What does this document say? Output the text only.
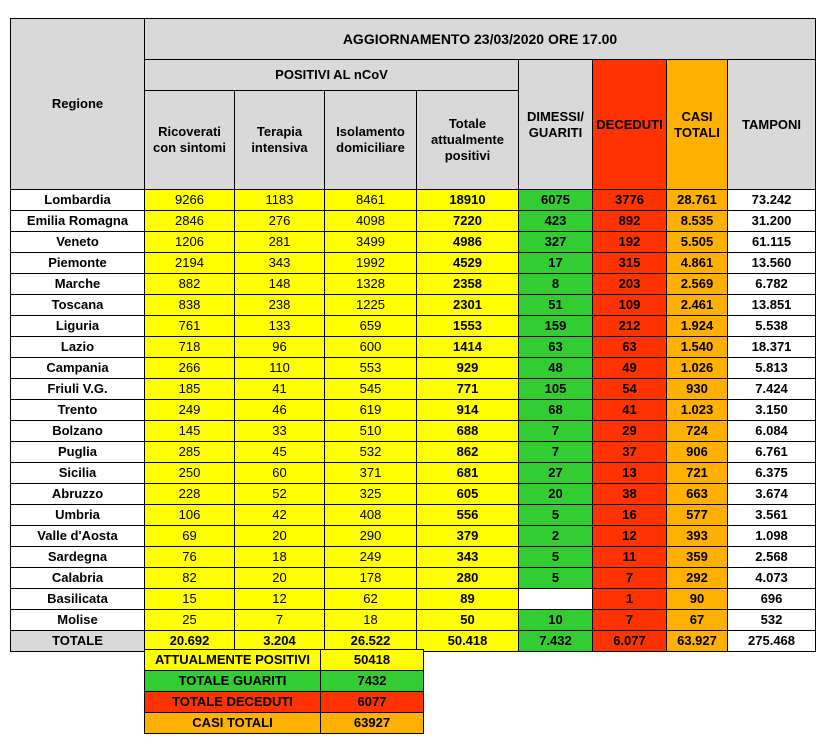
Regione	AGGIORNAMENTO 23/03/2020 ORE 17.00							
	POSITIVI AL nCoV				DIMESSI/ GUARITI	DECEDUTI	CASI TOTALI	TAMPONI
	Ricoverati con sintomi	Terapia intensiva	Isolamento domiciliare	Totale attualmente positivi				
Lombardia	9266	1183	8461	18910	6075	3776	28.761	73.242
Emilia Romagna	2846	276	4098	7220	423	892	8.535	31.200
Veneto	1206	281	3499	4986	327	192	5.505	61.115
Piemonte	2194	343	1992	4529	17	315	4.861	13.560
Marche	882	148	1328	2358	8	203	2.569	6.782
Toscana	838	238	1225	2301	51	109	2.461	13.851
Liguria	761	133	659	1553	159	212	1.924	5.538
Lazio	718	96	600	1414	63	63	1.540	18.371
Campania	266	110	553	929	48	49	1.026	5.813
Friuli V.G.	185	41	545	771	105	54	930	7.424
Trento	249	46	619	914	68	41	1.023	3.150
Bolzano	145	33	510	688	7	29	724	6.084
Puglia	285	45	532	862	7	37	906	6.761
Sicilia	250	60	371	681	27	13	721	6.375
Abruzzo	228	52	325	605	20	38	663	3.674
Umbria	106	42	408	556	5	16	577	3.561
Valle d'Aosta	69	20	290	379	2	12	393	1.098
Sardegna	76	18	249	343	5	11	359	2.568
Calabria	82	20	178	280	5	7	292	4.073
Basilicata	15	12	62	89		1	90	696
Molise	25	7	18	50	10	7	67	532
TOTALE	20.692	3.204	26.522	50.418	7.432	6.077	63.927	275.468
ATTUALMENTE POSITIVI	50418
TOTALE GUARITI	7432
TOTALE DECEDUTI	6077
CASI TOTALI	63927
